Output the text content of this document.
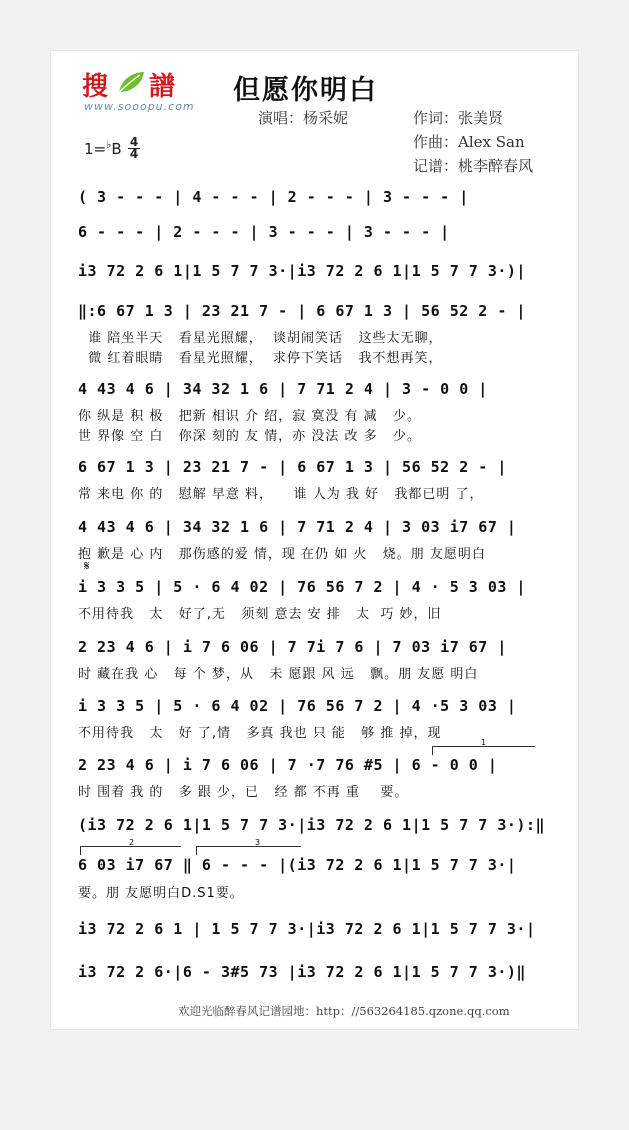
搜 譜
www.sooopu.com
但愿你明白
演唱：杨采妮	作词：张美贤
作曲：Alex San
记谱：桃李醉春风
1=♭B 4
4
( 3 - - - | 4 - - - | 2 - - - | 3 - - - |
6 - - - | 2 - - - | 3 - - - | 3 - - - |
i3 72 2 6 1|1 5 7 7 3·|i3 72 2 6 1|1 5 7 7 3·)|
‖:6 67 1 3 | 23 21 7 - | 6 67 1 3 | 56 52 2 - |
谁 陪坐半天   看星光照耀，  谈胡闹笑话   这些太无聊，
微 红着眼睛   看星光照耀，  求停下笑话   我不想再笑，
4 43 4 6 | 34 32 1 6 | 7 71 2 4 | 3 - 0 0 |
你 纵是 积 极   把新 相识 介 绍，寂 寞没 有 减   少。
世 界像 空 白   你深 刻的 友 情，亦 没法 改 多   少。
6 67 1 3 | 23 21 7 - | 6 67 1 3 | 56 52 2 - |
常 来电 你 的   慰解 早意 料，    谁 人为 我 好   我都已明 了，
4 43 4 6 | 34 32 1 6 | 7 71 2 4 | 3 03 i7 67 |
抱 歉是 心 内   那伤感的爱 情，现 在仍 如 火   烧。朋 友愿明白
𝄋
i 3 3 5 | 5 · 6 4 02 | 76 56 7 2 | 4 · 5 3 03 |
不用待我   太   好了,无   须刻 意去 安 排   太  巧 妙，旧
2 23 4 6 | i 7 6 06 | 7 7i 7 6 | 7 03 i7 67 |
时 藏在我 心   每 个 梦，从   未 愿跟 风 远   飘。朋 友愿 明白
i 3 3 5 | 5 · 6 4 02 | 76 56 7 2 | 4 ·5 3 03 |
不用待我   太   好 了,情   多真 我也 只 能   够 推 掉，现
1
2 23 4 6 | i 7 6 06 | 7 ·7 76 #5 | 6 - 0 0 |
时 围着 我 的   多 跟 少，已   经 都 不再 重    要。
(i3 72 2 6 1|1 5 7 7 3·|i3 72 2 6 1|1 5 7 7 3·):‖
2	3
6 03 i7 67 ‖ 6 - - - |(i3 72 2 6 1|1 5 7 7 3·|
要。朋 友愿明白D.S1要。
i3 72 2 6 1 | 1 5 7 7 3·|i3 72 2 6 1|1 5 7 7 3·|
i3 72 2 6·|6 - 3#5 73 |i3 72 2 6 1|1 5 7 7 3·)‖
欢迎光临醉春风记谱园地：http：//563264185.qzone.qq.com
